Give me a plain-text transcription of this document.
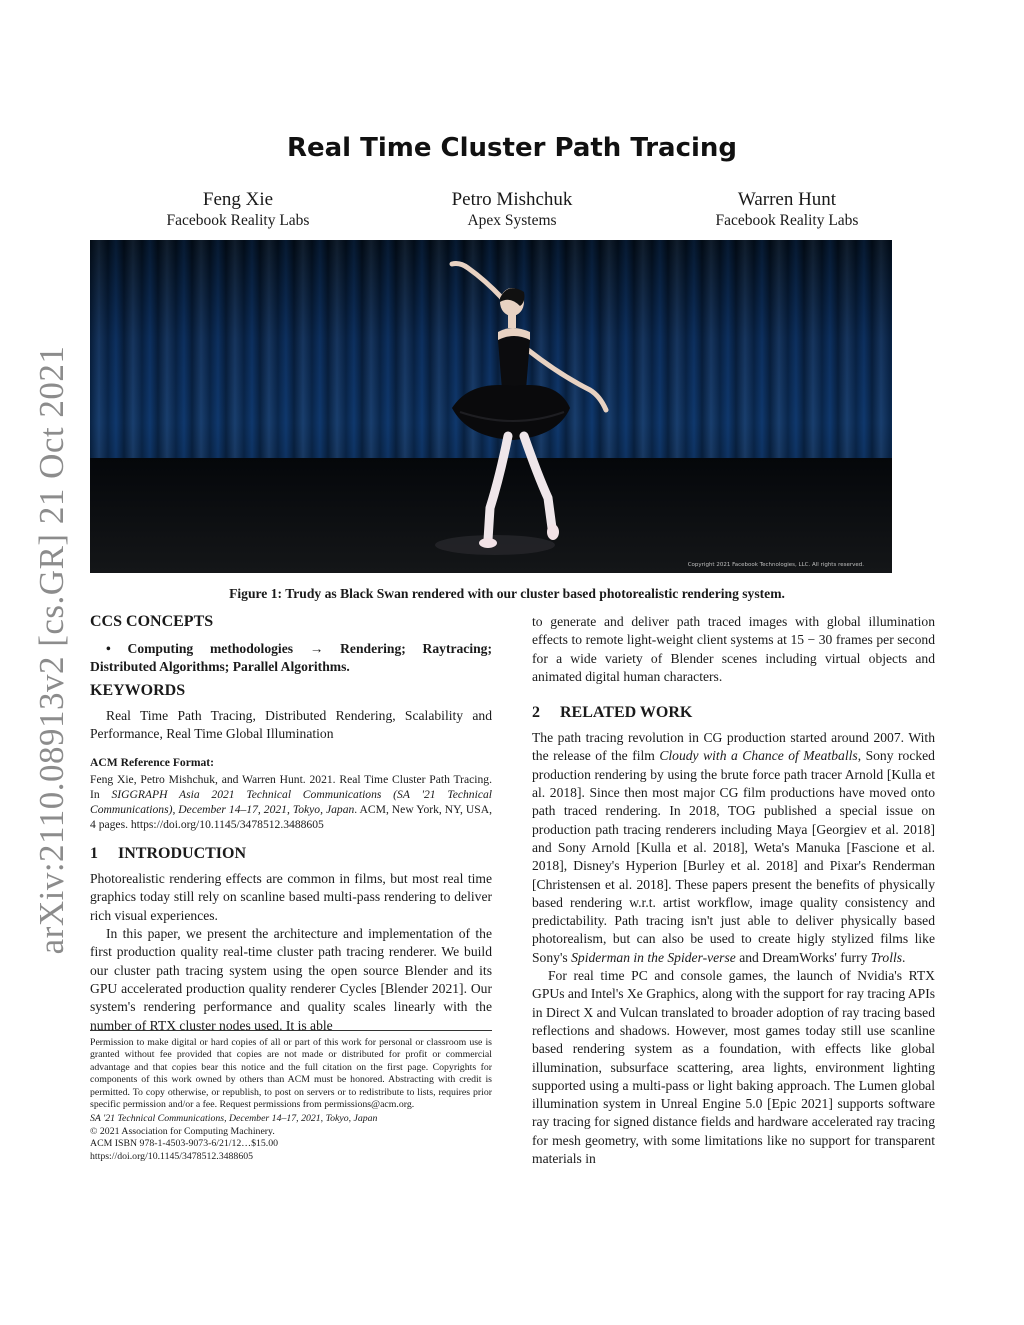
arXiv:2110.08913v2 [cs.GR] 21 Oct 2021
Real Time Cluster Path Tracing
Feng Xie
Facebook Reality Labs
Petro Mishchuk
Apex Systems
Warren Hunt
Facebook Reality Labs
Copyright 2021 Facebook Technologies, LLC. All rights reserved.
Figure 1: Trudy as Black Swan rendered with our cluster based photorealistic rendering system.
CCS CONCEPTS

• Computing methodologies → Rendering; Raytracing; Distributed Algorithms; Parallel Algorithms.

KEYWORDS

Real Time Path Tracing, Distributed Rendering, Scalability and Performance, Real Time Global Illumination

ACM Reference Format:

Feng Xie, Petro Mishchuk, and Warren Hunt. 2021. Real Time Cluster Path Tracing. In SIGGRAPH Asia 2021 Technical Communications (SA '21 Technical Communications), December 14–17, 2021, Tokyo, Japan. ACM, New York, NY, USA, 4 pages. https://doi.org/10.1145/3478512.3488605

1 INTRODUCTION

Photorealistic rendering effects are common in films, but most real time graphics today still rely on scanline based multi-pass rendering to deliver rich visual experiences.

In this paper, we present the architecture and implementation of the first production quality real-time cluster path tracing renderer. We build our cluster path tracing system using the open source Blender and its GPU accelerated production quality renderer Cycles [Blender 2021]. Our system's rendering performance and quality scales linearly with the number of RTX cluster nodes used. It is able

Permission to make digital or hard copies of all or part of this work for personal or classroom use is granted without fee provided that copies are not made or distributed for profit or commercial advantage and that copies bear this notice and the full citation on the first page. Copyrights for components of this work owned by others than ACM must be honored. Abstracting with credit is permitted. To copy otherwise, or republish, to post on servers or to redistribute to lists, requires prior specific permission and/or a fee. Request permissions from permissions@acm.org.

SA '21 Technical Communications, December 14–17, 2021, Tokyo, Japan

© 2021 Association for Computing Machinery.

ACM ISBN 978-1-4503-9073-6/21/12…$15.00

https://doi.org/10.1145/3478512.3488605

to generate and deliver path traced images with global illumination effects to remote light-weight client systems at 15 − 30 frames per second for a wide variety of Blender scenes including virtual objects and animated digital human characters.

2 RELATED WORK

The path tracing revolution in CG production started around 2007. With the release of the film Cloudy with a Chance of Meatballs, Sony rocked production rendering by using the brute force path tracer Arnold [Kulla et al. 2018]. Since then most major CG film productions have moved onto path traced rendering. In 2018, TOG published a special issue on production path tracing renderers including Maya [Georgiev et al. 2018] and Sony Arnold [Kulla et al. 2018], Weta's Manuka [Fascione et al. 2018], Disney's Hyperion [Burley et al. 2018] and Pixar's Renderman [Christensen et al. 2018]. These papers present the benefits of physically based rendering w.r.t. artist workflow, image quality consistency and predictability. Path tracing isn't just able to deliver physically based photorealism, but can also be used to create higly stylized films like Sony's Spiderman in the Spider-verse and DreamWorks' furry Trolls.

For real time PC and console games, the launch of Nvidia's RTX GPUs and Intel's Xe Graphics, along with the support for ray tracing APIs in Direct X and Vulcan translated to broader adoption of ray tracing based reflections and shadows. However, most games today still use scanline based rendering system as a foundation, with effects like global illumination, subsurface scattering, area lights, environment lighting supported using a multi-pass or light baking approach. The Lumen global illumination system in Unreal Engine 5.0 [Epic 2021] supports software ray tracing for signed distance fields and hardware accelerated ray tracing for mesh geometry, with some limitations like no support for transparent materials in
